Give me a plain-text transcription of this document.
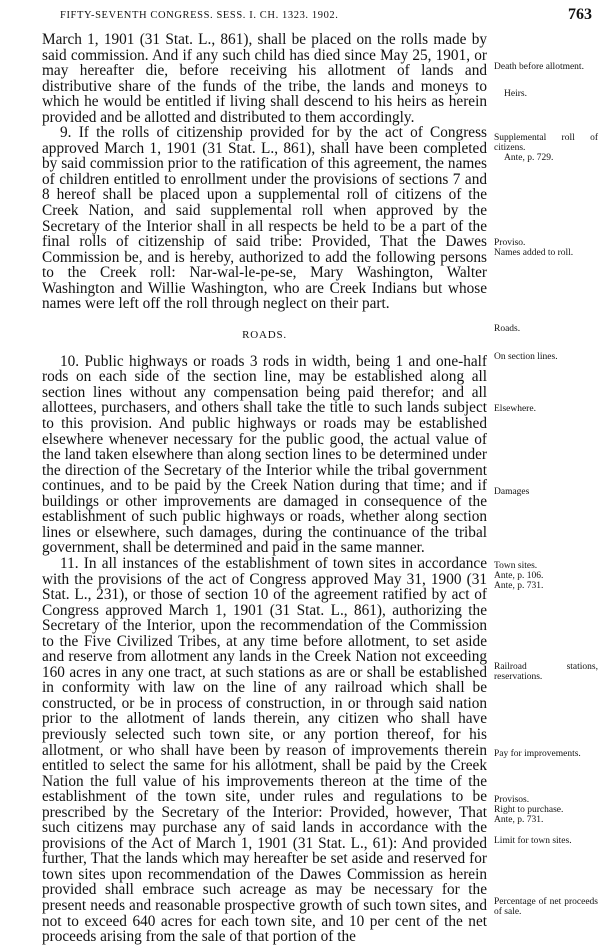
FIFTY-SEVENTH CONGRESS. SESS. I. CH. 1323. 1902.	763

March 1, 1901 (31 Stat. L., 861), shall be placed on the rolls made by said commission. And if any such child has died since May 25, 1901, or may hereafter die, before receiving his allotment of lands and distributive share of the funds of the tribe, the lands and moneys to which he would be entitled if living shall descend to his heirs as herein provided and be allotted and distributed to them accordingly.

9. If the rolls of citizenship provided for by the act of Congress approved March 1, 1901 (31 Stat. L., 861), shall have been completed by said commission prior to the ratification of this agreement, the names of children entitled to enrollment under the provisions of sections 7 and 8 hereof shall be placed upon a supplemental roll of citizens of the Creek Nation, and said supplemental roll when approved by the Secretary of the Interior shall in all respects be held to be a part of the final rolls of citizenship of said tribe: Provided, That the Dawes Commission be, and is hereby, authorized to add the following persons to the Creek roll: Nar-wal-le-pe-se, Mary Washington, Walter Washington and Willie Washington, who are Creek Indians but whose names were left off the roll through neglect on their part.

ROADS.

10. Public highways or roads 3 rods in width, being 1 and one-half rods on each side of the section line, may be established along all section lines without any compensation being paid therefor; and all allottees, purchasers, and others shall take the title to such lands subject to this provision. And public highways or roads may be established elsewhere whenever necessary for the public good, the actual value of the land taken elsewhere than along section lines to be determined under the direction of the Secretary of the Interior while the tribal government continues, and to be paid by the Creek Nation during that time; and if buildings or other improvements are damaged in consequence of the establishment of such public highways or roads, whether along section lines or elsewhere, such damages, during the continuance of the tribal government, shall be determined and paid in the same manner.

11. In all instances of the establishment of town sites in accordance with the provisions of the act of Congress approved May 31, 1900 (31 Stat. L., 231), or those of section 10 of the agreement ratified by act of Congress approved March 1, 1901 (31 Stat. L., 861), authorizing the Secretary of the Interior, upon the recommendation of the Commission to the Five Civilized Tribes, at any time before allotment, to set aside and reserve from allotment any lands in the Creek Nation not exceeding 160 acres in any one tract, at such stations as are or shall be established in conformity with law on the line of any railroad which shall be constructed, or be in process of construction, in or through said nation prior to the allotment of lands therein, any citizen who shall have previously selected such town site, or any portion thereof, for his allotment, or who shall have been by reason of improvements therein entitled to select the same for his allotment, shall be paid by the Creek Nation the full value of his improvements thereon at the time of the establishment of the town site, under rules and regulations to be prescribed by the Secretary of the Interior: Provided, however, That such citizens may purchase any of said lands in accordance with the provisions of the Act of March 1, 1901 (31 Stat. L., 61): And provided further, That the lands which may hereafter be set aside and reserved for town sites upon recommendation of the Dawes Commission as herein provided shall embrace such acreage as may be necessary for the present needs and reasonable prospective growth of such town sites, and not to exceed 640 acres for each town site, and 10 per cent of the net proceeds arising from the sale of that portion of the

Death before allotment.
Heirs.
Supplemental roll of citizens.
Ante, p. 729.
Proviso.
Names added to roll.
Roads.
On section lines.
Elsewhere.
Damages
Town sites.
Ante, p. 106.
Ante, p. 731.
Railroad stations, reservations.
Pay for improvements.
Provisos.
Right to purchase.
Ante, p. 731.
Limit for town sites.
Percentage of net proceeds of sale.
